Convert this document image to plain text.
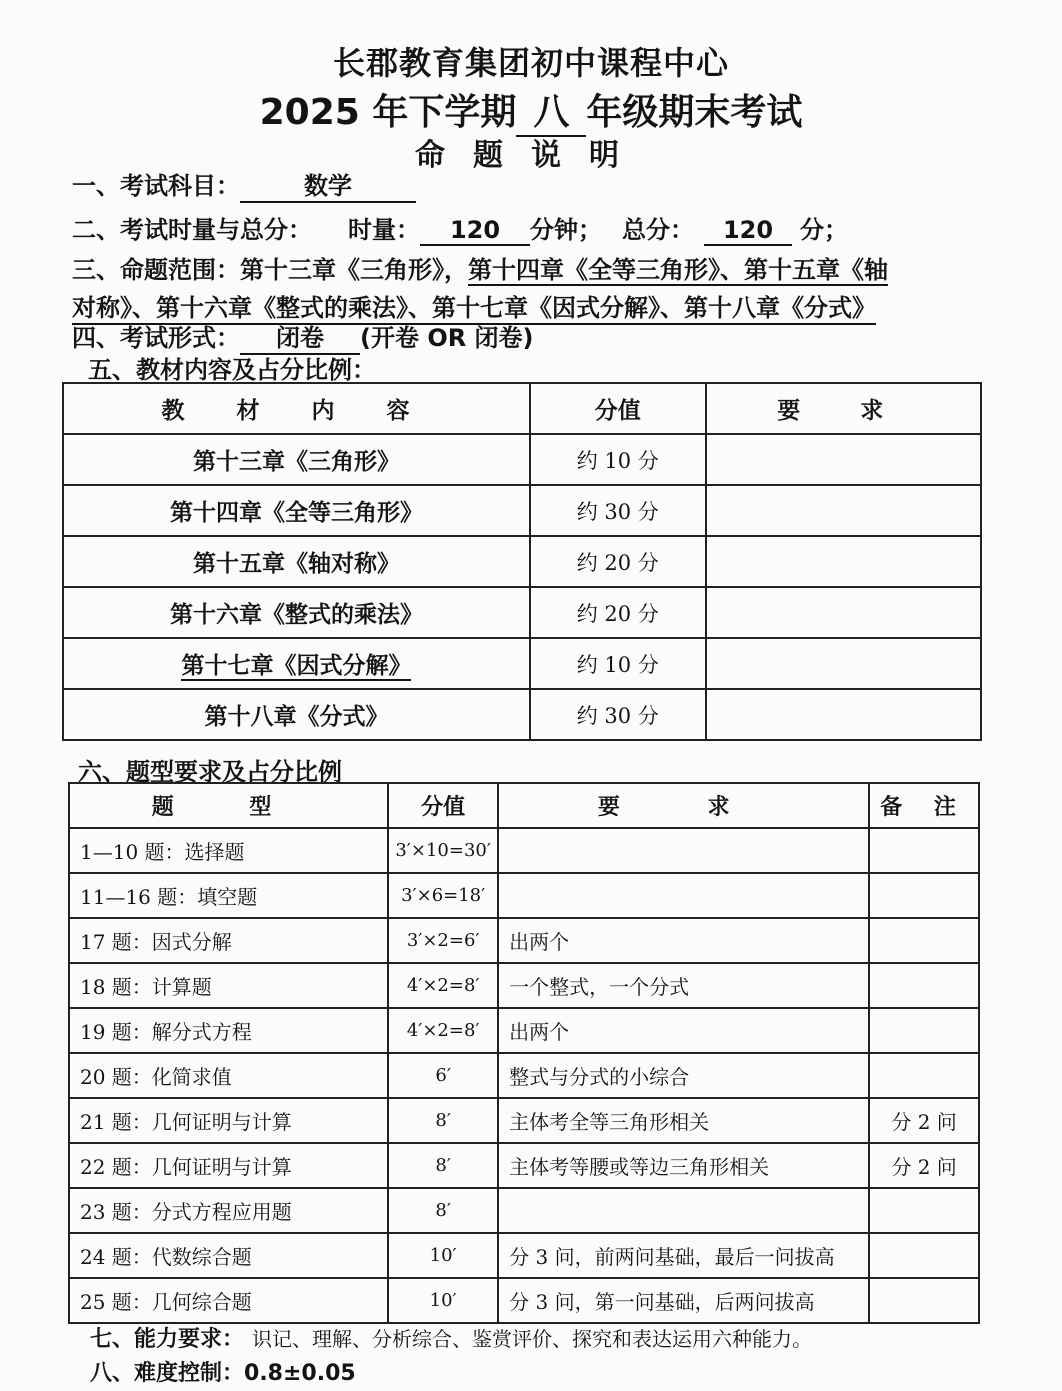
长郡教育集团初中课程中心
2025 年下学期 八 年级期末考试
命题说明
一、考试科目：	数学
二、考试时量与总分： 时量： 120 分钟； 总分： 120 分；
三、命题范围：第十三章《三角形》，第十四章《全等三角形》、第十五章《轴
对称》、第十六章《整式的乘法》、第十七章《因式分解》、第十八章《分式》
四、考试形式： 闭卷 (开卷 OR 闭卷)
五、教材内容及占分比例：
教 材 内 容	分值	要 求
第十三章《三角形》	约 10 分	
第十四章《全等三角形》	约 30 分	
第十五章《轴对称》	约 20 分	
第十六章《整式的乘法》	约 20 分	
第十七章《因式分解》	约 10 分	
第十八章《分式》	约 30 分	
六、题型要求及占分比例
题 型	分值	要 求	备 注
1—10 题：选择题	3′×10=30′		
11—16 题：填空题	3′×6=18′		
17 题：因式分解	3′×2=6′	出两个	
18 题：计算题	4′×2=8′	一个整式，一个分式	
19 题：解分式方程	4′×2=8′	出两个	
20 题：化简求值	6′	整式与分式的小综合	
21 题：几何证明与计算	8′	主体考全等三角形相关	分 2 问
22 题：几何证明与计算	8′	主体考等腰或等边三角形相关	分 2 问
23 题：分式方程应用题	8′		
24 题：代数综合题	10′	分 3 问，前两问基础，最后一问拔高	
25 题：几何综合题	10′	分 3 问，第一问基础，后两问拔高	
七、能力要求： 识记、理解、分析综合、鉴赏评价、探究和表达运用六种能力。
八、难度控制：0.8±0.05
